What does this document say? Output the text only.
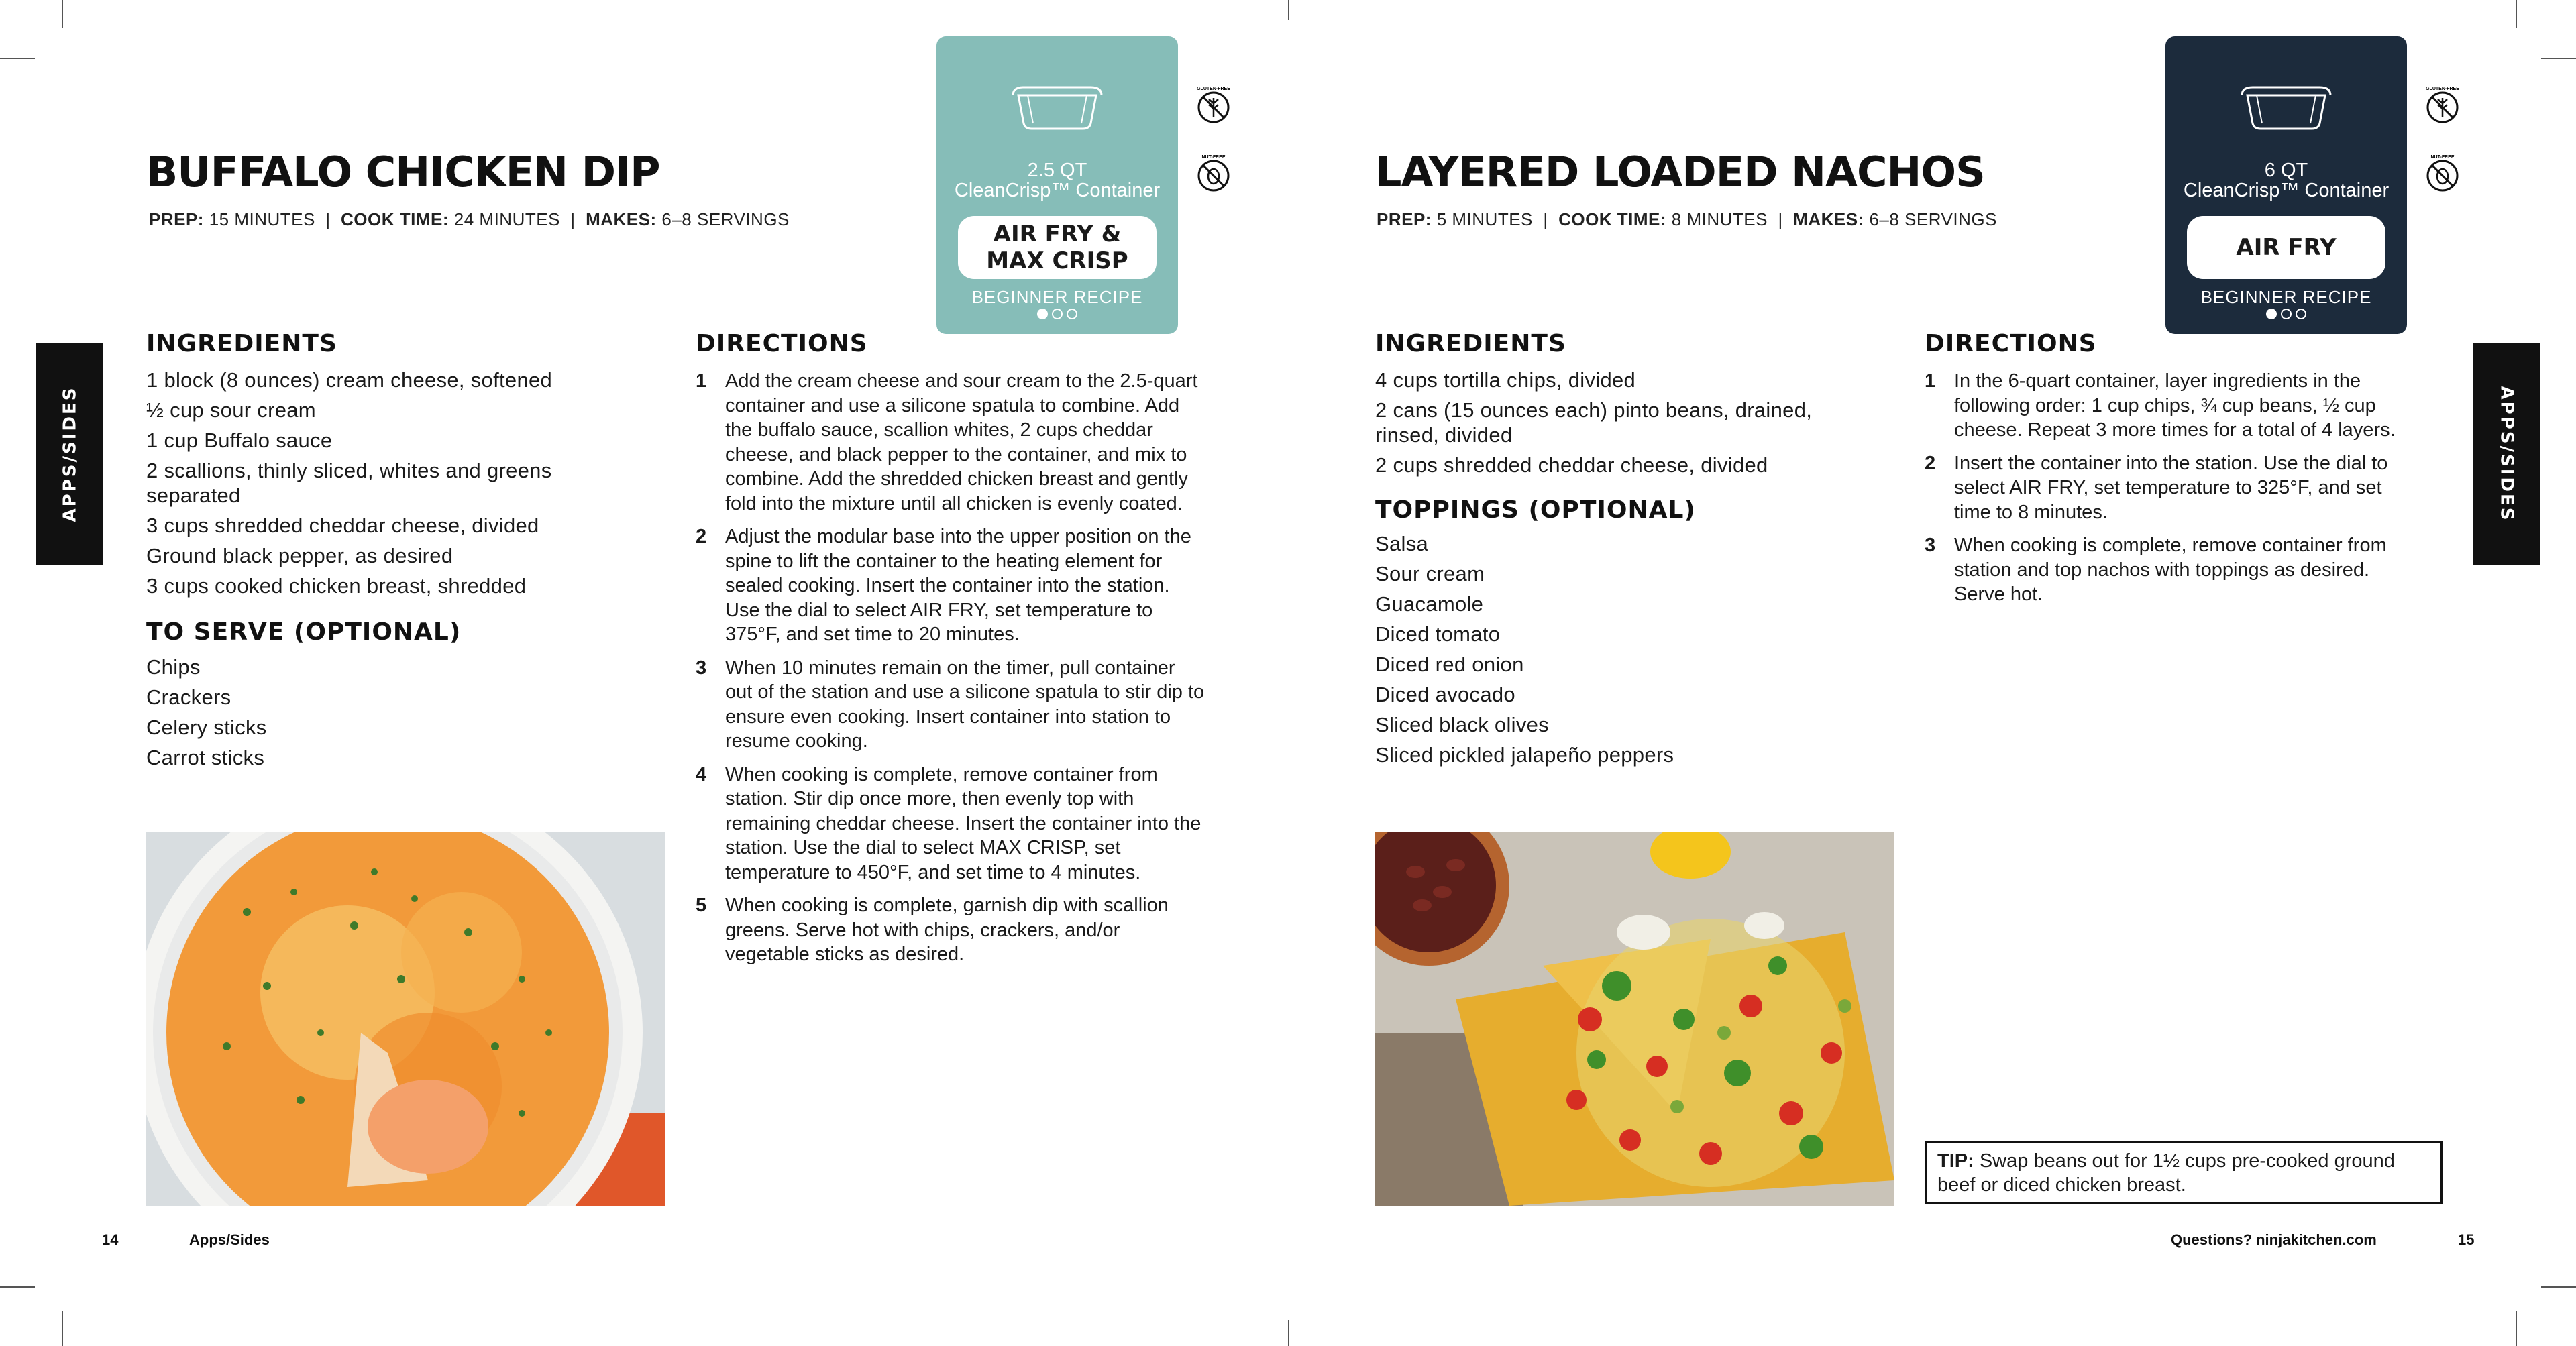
APPS/SIDES
BUFFALO CHICKEN DIP
PREP: 15 MINUTES | COOK TIME: 24 MINUTES | MAKES: 6–8 SERVINGS
2.5 QT
CleanCrisp™ Container
AIR FRY &
MAX CRISP
BEGINNER RECIPE
GLUTEN-FREE
NUT-FREE
INGREDIENTS
1 block (8 ounces) cream cheese, softened
½ cup sour cream
1 cup Buffalo sauce
2 scallions, thinly sliced, whites and greens separated
3 cups shredded cheddar cheese, divided
Ground black pepper, as desired
3 cups cooked chicken breast, shredded
TO SERVE (OPTIONAL)
Chips
Crackers
Celery sticks
Carrot sticks
DIRECTIONS
1 Add the cream cheese and sour cream to the 2.5-quart container and use a silicone spatula to combine. Add the buffalo sauce, scallion whites, 2 cups cheddar cheese, and black pepper to the container, and mix to combine. Add the shredded chicken breast and gently fold into the mixture until all chicken is evenly coated.
2 Adjust the modular base into the upper position on the spine to lift the container to the heating element for sealed cooking. Insert the container into the station. Use the dial to select AIR FRY, set temperature to 375°F, and set time to 20 minutes.
3 When 10 minutes remain on the timer, pull container out of the station and use a silicone spatula to stir dip to ensure even cooking. Insert container into station to resume cooking.
4 When cooking is complete, remove container from station. Stir dip once more, then evenly top with remaining cheddar cheese. Insert the container into the station. Use the dial to select MAX CRISP, set temperature to 450°F, and set time to 4 minutes.
5 When cooking is complete, garnish dip with scallion greens. Serve hot with chips, crackers, and/or vegetable sticks as desired.
14	Apps/Sides
APPS/SIDES
LAYERED LOADED NACHOS
PREP: 5 MINUTES | COOK TIME: 8 MINUTES | MAKES: 6–8 SERVINGS
6 QT
CleanCrisp™ Container
AIR FRY
BEGINNER RECIPE
GLUTEN-FREE
NUT-FREE
INGREDIENTS
4 cups tortilla chips, divided
2 cans (15 ounces each) pinto beans, drained, rinsed, divided
2 cups shredded cheddar cheese, divided
TOPPINGS (OPTIONAL)
Salsa
Sour cream
Guacamole
Diced tomato
Diced red onion
Diced avocado
Sliced black olives
Sliced pickled jalapeño peppers
DIRECTIONS
1 In the 6-quart container, layer ingredients in the following order: 1 cup chips, ¾ cup beans, ½ cup cheese. Repeat 3 more times for a total of 4 layers.
2 Insert the container into the station. Use the dial to select AIR FRY, set temperature to 325°F, and set time to 8 minutes.
3 When cooking is complete, remove container from station and top nachos with toppings as desired. Serve hot.
TIP: Swap beans out for 1½ cups pre-cooked ground beef or diced chicken breast.
Questions? ninjakitchen.com	15
